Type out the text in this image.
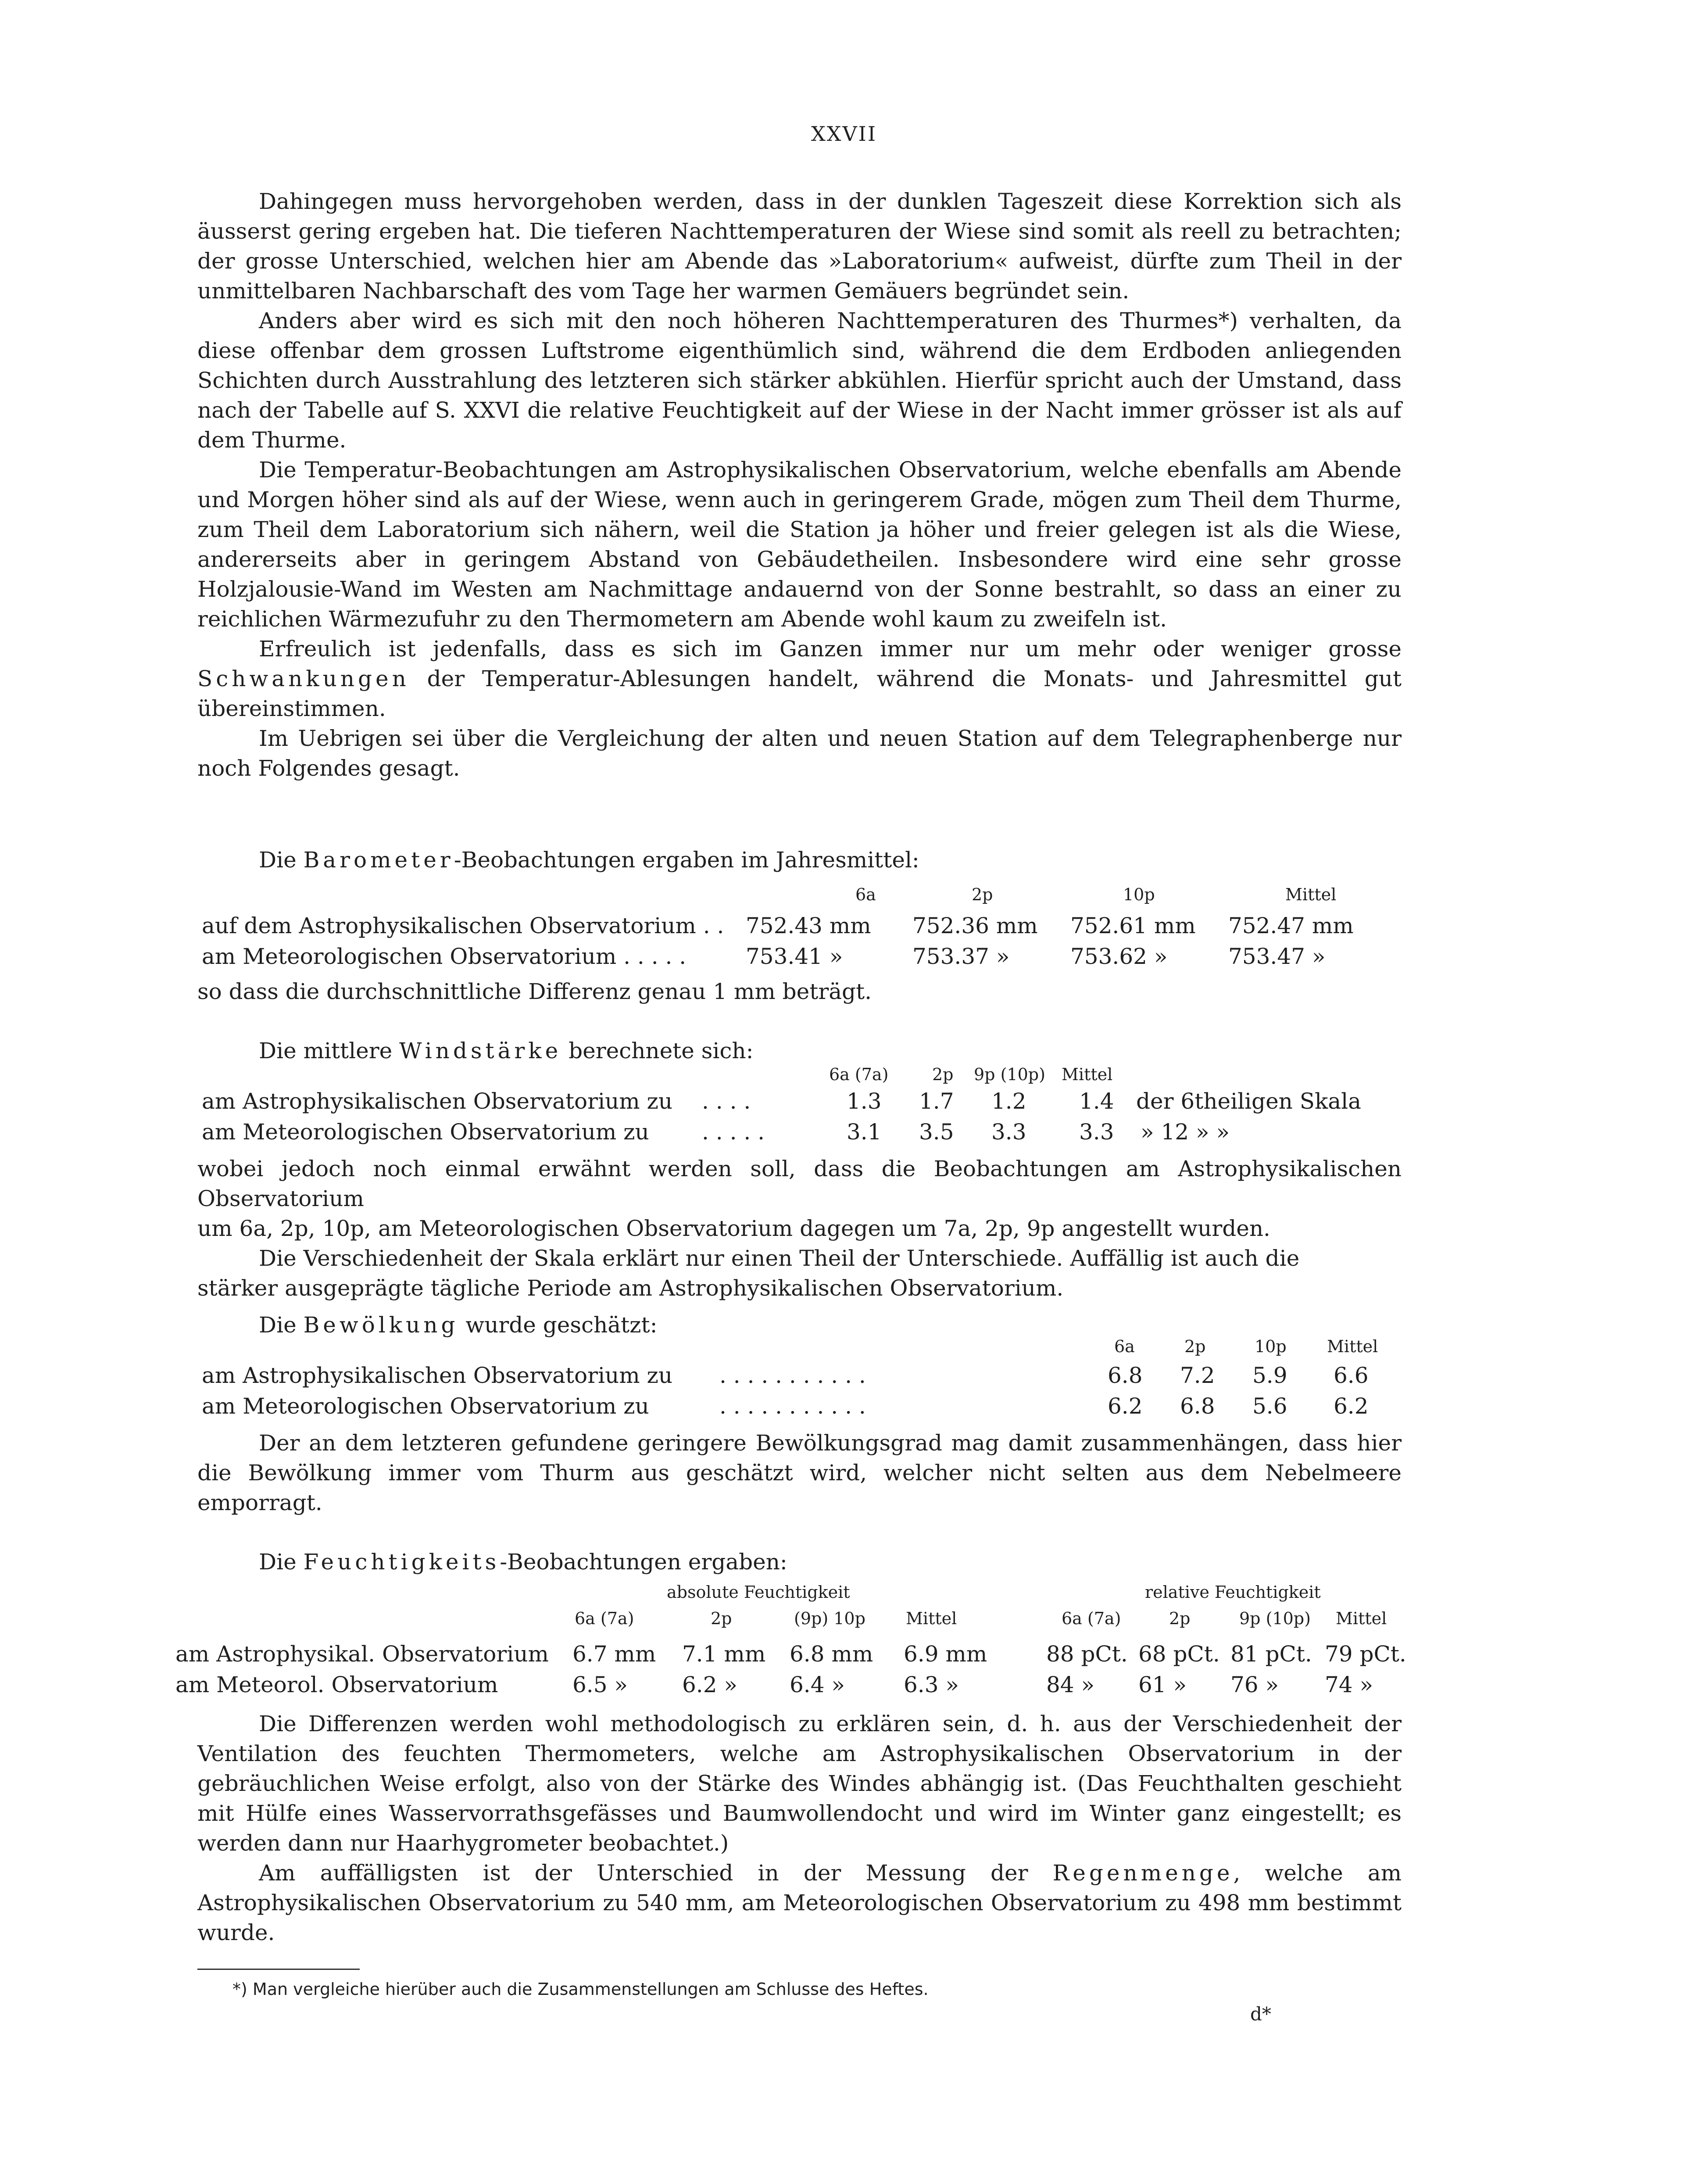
XXVII

Dahingegen muss hervorgehoben werden, dass in der dunklen Tageszeit diese Korrektion sich als äusserst gering ergeben hat. Die tieferen Nachttemperaturen der Wiese sind somit als reell zu betrachten; der grosse Unterschied, welchen hier am Abende das »Laboratorium« aufweist, dürfte zum Theil in der unmittelbaren Nachbarschaft des vom Tage her warmen Gemäuers begründet sein.

Anders aber wird es sich mit den noch höheren Nachttemperaturen des Thurmes*) verhalten, da diese offenbar dem grossen Luftstrome eigenthümlich sind, während die dem Erdboden anliegenden Schichten durch Ausstrahlung des letzteren sich stärker abkühlen. Hierfür spricht auch der Umstand, dass nach der Tabelle auf S. XXVI die relative Feuchtigkeit auf der Wiese in der Nacht immer grösser ist als auf dem Thurme.

Die Temperatur-Beobachtungen am Astrophysikalischen Observatorium, welche ebenfalls am Abende und Morgen höher sind als auf der Wiese, wenn auch in geringerem Grade, mögen zum Theil dem Thurme, zum Theil dem Laboratorium sich nähern, weil die Station ja höher und freier gelegen ist als die Wiese, andererseits aber in geringem Abstand von Gebäudetheilen. Insbesondere wird eine sehr grosse Holzjalousie-Wand im Westen am Nachmittage andauernd von der Sonne bestrahlt, so dass an einer zu reichlichen Wärmezufuhr zu den Thermometern am Abende wohl kaum zu zweifeln ist.

Erfreulich ist jedenfalls, dass es sich im Ganzen immer nur um mehr oder weniger grosse Schwankungen der Temperatur-Ablesungen handelt, während die Monats- und Jahresmittel gut übereinstimmen.

Im Uebrigen sei über die Vergleichung der alten und neuen Station auf dem Telegraphenberge nur noch Folgendes gesagt.

Die Barometer-Beobachtungen ergaben im Jahresmittel:
6a	2p	10p	Mittel
auf dem Astrophysikalischen Observatorium . . 752.43 mm 752.36 mm 752.61 mm 752.47 mm
am Meteorologischen Observatorium . . . . .	753.41 »	753.37 »	753.62 »	753.47 »
so dass die durchschnittliche Differenz genau 1 mm beträgt.
Die mittlere Windstärke berechnete sich:
6a (7a)	2p 9p (10p) Mittel
am Astrophysikalischen Observatorium zu . . . .	1.3 1.7 1.2 1.4 der 6theiligen Skala
am Meteorologischen Observatorium zu . . . . .	3.1 3.5 3.3 3.3 » 12 » »

wobei jedoch noch einmal erwähnt werden soll, dass die Beobachtungen am Astrophysikalischen Observatorium

um 6a, 2p, 10p, am Meteorologischen Observatorium dagegen um 7a, 2p, 9p angestellt wurden.

Die Verschiedenheit der Skala erklärt nur einen Theil der Unterschiede. Auffällig ist auch die

stärker ausgeprägte tägliche Periode am Astrophysikalischen Observatorium.

Die Bewölkung wurde geschätzt:
6a	2p	10p Mittel
am Astrophysikalischen Observatorium zu . . . . . . . . . . .	6.8 7.2 5.9 6.6
am Meteorologischen Observatorium zu	. . . . . . . . . . .	6.2 6.8 5.6 6.2

Der an dem letzteren gefundene geringere Bewölkungsgrad mag damit zusammenhängen, dass hier die Bewölkung immer vom Thurm aus geschätzt wird, welcher nicht selten aus dem Nebelmeere emporragt.

Die Feuchtigkeits-Beobachtungen ergaben:
absolute Feuchtigkeit	relative Feuchtigkeit
6a (7a)	2p	(9p) 10p Mittel	6a (7a)	2p	9p (10p) Mittel
am Astrophysikal. Observatorium 6.7 mm 7.1 mm 6.8 mm 6.9 mm	88 pCt. 68 pCt. 81 pCt. 79 pCt.
am Meteorol. Observatorium	6.5 » 6.2 » 6.4 »	6.3 »	84 » 61 » 76 » 74 »

Die Differenzen werden wohl methodologisch zu erklären sein, d. h. aus der Verschiedenheit der Ventilation des feuchten Thermometers, welche am Astrophysikalischen Observatorium in der gebräuchlichen Weise erfolgt, also von der Stärke des Windes abhängig ist. (Das Feuchthalten geschieht mit Hülfe eines Wasservorrathsgefässes und Baumwollendocht und wird im Winter ganz eingestellt; es werden dann nur Haarhygrometer beobachtet.)

Am auffälligsten ist der Unterschied in der Messung der Regenmenge, welche am Astrophysikalischen Observatorium zu 540 mm, am Meteorologischen Observatorium zu 498 mm bestimmt wurde.

*) Man vergleiche hierüber auch die Zusammenstellungen am Schlusse des Heftes.
d*
